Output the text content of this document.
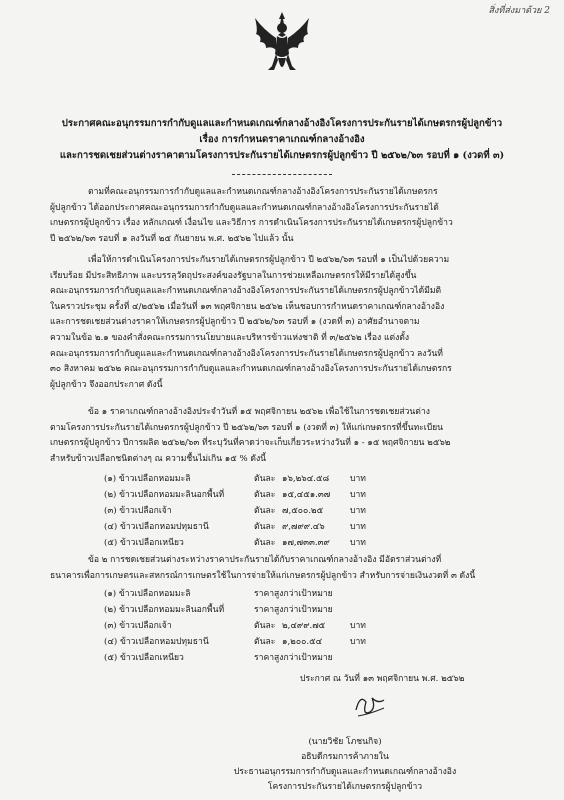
สิ่งที่ส่งมาด้วย 2
ประกาศคณะอนุกรรมการกำกับดูแลและกำหนดเกณฑ์กลางอ้างอิงโครงการประกันรายได้เกษตรกรผู้ปลูกข้าว
เรื่อง การกำหนดราคาเกณฑ์กลางอ้างอิง
และการชดเชยส่วนต่างราคาตามโครงการประกันรายได้เกษตรกรผู้ปลูกข้าว ปี ๒๕๖๒/๖๓ รอบที่ ๑ (งวดที่ ๓)
ตามที่คณะอนุกรรมการกำกับดูแลและกำหนดเกณฑ์กลางอ้างอิงโครงการประกันรายได้เกษตรกร
ผู้ปลูกข้าว ได้ออกประกาศคณะอนุกรรมการกำกับดูแลและกำหนดเกณฑ์กลางอ้างอิงโครงการประกันรายได้
เกษตรกรผู้ปลูกข้าว เรื่อง หลักเกณฑ์ เงื่อนไข และวิธีการ การดำเนินโครงการประกันรายได้เกษตรกรผู้ปลูกข้าว
ปี ๒๕๖๒/๖๓ รอบที่ ๑ ลงวันที่ ๒๕ กันยายน พ.ศ. ๒๕๖๒ ไปแล้ว นั้น
เพื่อให้การดำเนินโครงการประกันรายได้เกษตรกรผู้ปลูกข้าว ปี ๒๕๖๒/๖๓ รอบที่ ๑ เป็นไปด้วยความ
เรียบร้อย มีประสิทธิภาพ และบรรลุวัตถุประสงค์ของรัฐบาลในการช่วยเหลือเกษตรกรให้มีรายได้สูงขึ้น
คณะอนุกรรมการกำกับดูแลและกำหนดเกณฑ์กลางอ้างอิงโครงการประกันรายได้เกษตรกรผู้ปลูกข้าวได้มีมติ
ในคราวประชุม ครั้งที่ ๔/๒๕๖๒ เมื่อวันที่ ๑๓ พฤศจิกายน ๒๕๖๒ เห็นชอบการกำหนดราคาเกณฑ์กลางอ้างอิง
และการชดเชยส่วนต่างราคาให้เกษตรกรผู้ปลูกข้าว ปี ๒๕๖๒/๖๓ รอบที่ ๑ (งวดที่ ๓) อาศัยอำนาจตาม
ความในข้อ ๒.๑ ของคำสั่งคณะกรรมการนโยบายและบริหารข้าวแห่งชาติ ที่ ๓/๒๕๖๒ เรื่อง แต่งตั้ง
คณะอนุกรรมการกำกับดูแลและกำหนดเกณฑ์กลางอ้างอิงโครงการประกันรายได้เกษตรกรผู้ปลูกข้าว ลงวันที่
๓๐ สิงหาคม ๒๕๖๒ คณะอนุกรรมการกำกับดูแลและกำหนดเกณฑ์กลางอ้างอิงโครงการประกันรายได้เกษตรกร
ผู้ปลูกข้าว จึงออกประกาศ ดังนี้
ข้อ ๑ ราคาเกณฑ์กลางอ้างอิงประจำวันที่ ๑๕ พฤศจิกายน ๒๕๖๒ เพื่อใช้ในการชดเชยส่วนต่าง
ตามโครงการประกันรายได้เกษตรกรผู้ปลูกข้าว ปี ๒๕๖๒/๖๓ รอบที่ ๑ (งวดที่ ๓) ให้แก่เกษตรกรที่ขึ้นทะเบียน
เกษตรกรผู้ปลูกข้าว ปีการผลิต ๒๕๖๒/๖๓ ที่ระบุวันที่คาดว่าจะเก็บเกี่ยวระหว่างวันที่ ๑ - ๑๕ พฤศจิกายน ๒๕๖๒
สำหรับข้าวเปลือกชนิดต่างๆ ณ ความชื้นไม่เกิน ๑๕ % ดังนี้
(๑) ข้าวเปลือกหอมมะลิ	ตันละ ๑๖,๒๖๔.๕๘ บาท
(๒) ข้าวเปลือกหอมมะลินอกพื้นที่	ตันละ ๑๕,๔๕๑.๓๗ บาท
(๓) ข้าวเปลือกเจ้า	ตันละ ๗,๕๐๐.๒๕	บาท
(๔) ข้าวเปลือกหอมปทุมธานี	ตันละ ๙,๗๙๙.๔๖	บาท
(๕) ข้าวเปลือกเหนียว	ตันละ ๑๗,๗๓๓.๓๙ บาท
ข้อ ๒ การชดเชยส่วนต่างระหว่างราคาประกันรายได้กับราคาเกณฑ์กลางอ้างอิง มีอัตราส่วนต่างที่
ธนาคารเพื่อการเกษตรและสหกรณ์การเกษตรใช้ในการจ่ายให้แก่เกษตรกรผู้ปลูกข้าว สำหรับการจ่ายเงินงวดที่ ๓ ดังนี้
(๑) ข้าวเปลือกหอมมะลิ	ราคาสูงกว่าเป้าหมาย
(๒) ข้าวเปลือกหอมมะลินอกพื้นที่	ราคาสูงกว่าเป้าหมาย
(๓) ข้าวเปลือกเจ้า	ตันละ ๒,๔๙๙.๗๕	บาท
(๔) ข้าวเปลือกหอมปทุมธานี	ตันละ ๑,๒๐๐.๕๔	บาท
(๕) ข้าวเปลือกเหนียว	ราคาสูงกว่าเป้าหมาย
ประกาศ ณ วันที่ ๑๓ พฤศจิกายน พ.ศ. ๒๕๖๒
(นายวิชัย โภชนกิจ)
อธิบดีกรมการค้าภายใน
ประธานอนุกรรมการกำกับดูแลและกำหนดเกณฑ์กลางอ้างอิง
โครงการประกันรายได้เกษตรกรผู้ปลูกข้าว
